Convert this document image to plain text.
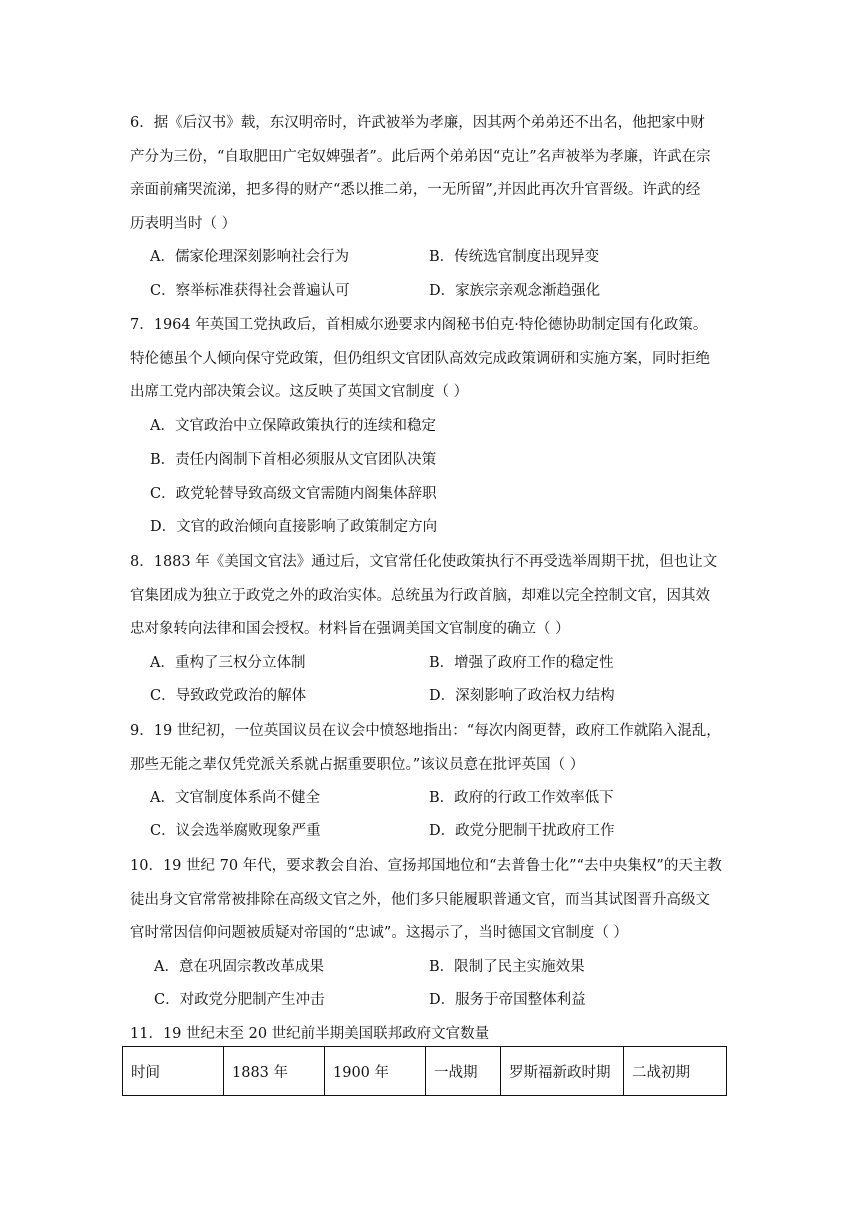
6．据《后汉书》载，东汉明帝时，许武被举为孝廉，因其两个弟弟还不出名，他把家中财
产分为三份，“自取肥田广宅奴婢强者”。此后两个弟弟因“克让”名声被举为孝廉，许武在宗
亲面前痛哭流涕，把多得的财产“悉以推二弟，一无所留”,并因此再次升官晋级。许武的经
历表明当时（ ）
A．儒家伦理深刻影响社会行为	B．传统选官制度出现异变
C．察举标准获得社会普遍认可	D．家族宗亲观念渐趋强化
7．1964 年英国工党执政后，首相威尔逊要求内阁秘书伯克·特伦德协助制定国有化政策。
特伦德虽个人倾向保守党政策，但仍组织文官团队高效完成政策调研和实施方案，同时拒绝
出席工党内部决策会议。这反映了英国文官制度（ ）
A．文官政治中立保障政策执行的连续和稳定
B．责任内阁制下首相必须服从文官团队决策
C．政党轮替导致高级文官需随内阁集体辞职
D．文官的政治倾向直接影响了政策制定方向
8．1883 年《美国文官法》通过后，文官常任化使政策执行不再受选举周期干扰，但也让文
官集团成为独立于政党之外的政治实体。总统虽为行政首脑，却难以完全控制文官，因其效
忠对象转向法律和国会授权。材料旨在强调美国文官制度的确立（ ）
A．重构了三权分立体制	B．增强了政府工作的稳定性
C．导致政党政治的解体	D．深刻影响了政治权力结构
9．19 世纪初，一位英国议员在议会中愤怒地指出：“每次内阁更替，政府工作就陷入混乱，
那些无能之辈仅凭党派关系就占据重要职位。”该议员意在批评英国（ ）
A．文官制度体系尚不健全	B．政府的行政工作效率低下
C．议会选举腐败现象严重	D．政党分肥制干扰政府工作
10．19 世纪 70 年代，要求教会自治、宣扬邦国地位和“去普鲁士化”“去中央集权”的天主教
徒出身文官常常被排除在高级文官之外，他们多只能履职普通文官，而当其试图晋升高级文
官时常因信仰问题被质疑对帝国的“忠诚”。这揭示了，当时德国文官制度（ ）
A．意在巩固宗教改革成果	B．限制了民主实施效果
C．对政党分肥制产生冲击	D．服务于帝国整体利益
11．19 世纪末至 20 世纪前半期美国联邦政府文官数量
时间	1883 年	1900 年	一战期	罗斯福新政时期	二战初期
